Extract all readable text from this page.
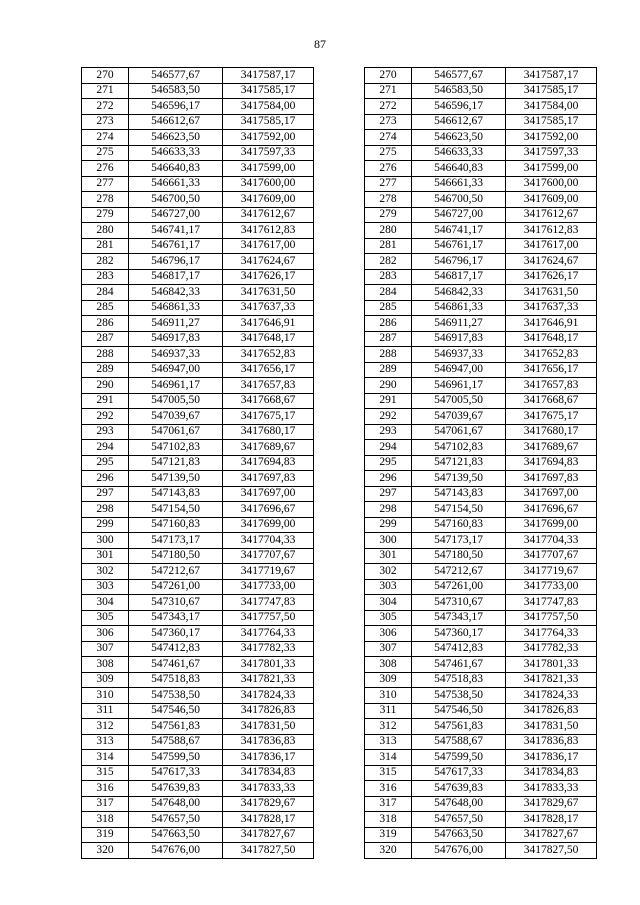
87
270	546577,67	3417587,17		270	546577,67	3417587,17
271	546583,50	3417585,17		271	546583,50	3417585,17
272	546596,17	3417584,00		272	546596,17	3417584,00
273	546612,67	3417585,17		273	546612,67	3417585,17
274	546623,50	3417592,00		274	546623,50	3417592,00
275	546633,33	3417597,33		275	546633,33	3417597,33
276	546640,83	3417599,00		276	546640,83	3417599,00
277	546661,33	3417600,00		277	546661,33	3417600,00
278	546700,50	3417609,00		278	546700,50	3417609,00
279	546727,00	3417612,67		279	546727,00	3417612,67
280	546741,17	3417612,83		280	546741,17	3417612,83
281	546761,17	3417617,00		281	546761,17	3417617,00
282	546796,17	3417624,67		282	546796,17	3417624,67
283	546817,17	3417626,17		283	546817,17	3417626,17
284	546842,33	3417631,50		284	546842,33	3417631,50
285	546861,33	3417637,33		285	546861,33	3417637,33
286	546911,27	3417646,91		286	546911,27	3417646,91
287	546917,83	3417648,17		287	546917,83	3417648,17
288	546937,33	3417652,83		288	546937,33	3417652,83
289	546947,00	3417656,17		289	546947,00	3417656,17
290	546961,17	3417657,83		290	546961,17	3417657,83
291	547005,50	3417668,67		291	547005,50	3417668,67
292	547039,67	3417675,17		292	547039,67	3417675,17
293	547061,67	3417680,17		293	547061,67	3417680,17
294	547102,83	3417689,67		294	547102,83	3417689,67
295	547121,83	3417694,83		295	547121,83	3417694,83
296	547139,50	3417697,83		296	547139,50	3417697,83
297	547143,83	3417697,00		297	547143,83	3417697,00
298	547154,50	3417696,67		298	547154,50	3417696,67
299	547160,83	3417699,00		299	547160,83	3417699,00
300	547173,17	3417704,33		300	547173,17	3417704,33
301	547180,50	3417707,67		301	547180,50	3417707,67
302	547212,67	3417719,67		302	547212,67	3417719,67
303	547261,00	3417733,00		303	547261,00	3417733,00
304	547310,67	3417747,83		304	547310,67	3417747,83
305	547343,17	3417757,50		305	547343,17	3417757,50
306	547360,17	3417764,33		306	547360,17	3417764,33
307	547412,83	3417782,33		307	547412,83	3417782,33
308	547461,67	3417801,33		308	547461,67	3417801,33
309	547518,83	3417821,33		309	547518,83	3417821,33
310	547538,50	3417824,33		310	547538,50	3417824,33
311	547546,50	3417826,83		311	547546,50	3417826,83
312	547561,83	3417831,50		312	547561,83	3417831,50
313	547588,67	3417836,83		313	547588,67	3417836,83
314	547599,50	3417836,17		314	547599,50	3417836,17
315	547617,33	3417834,83		315	547617,33	3417834,83
316	547639,83	3417833,33		316	547639,83	3417833,33
317	547648,00	3417829,67		317	547648,00	3417829,67
318	547657,50	3417828,17		318	547657,50	3417828,17
319	547663,50	3417827,67		319	547663,50	3417827,67
320	547676,00	3417827,50		320	547676,00	3417827,50
